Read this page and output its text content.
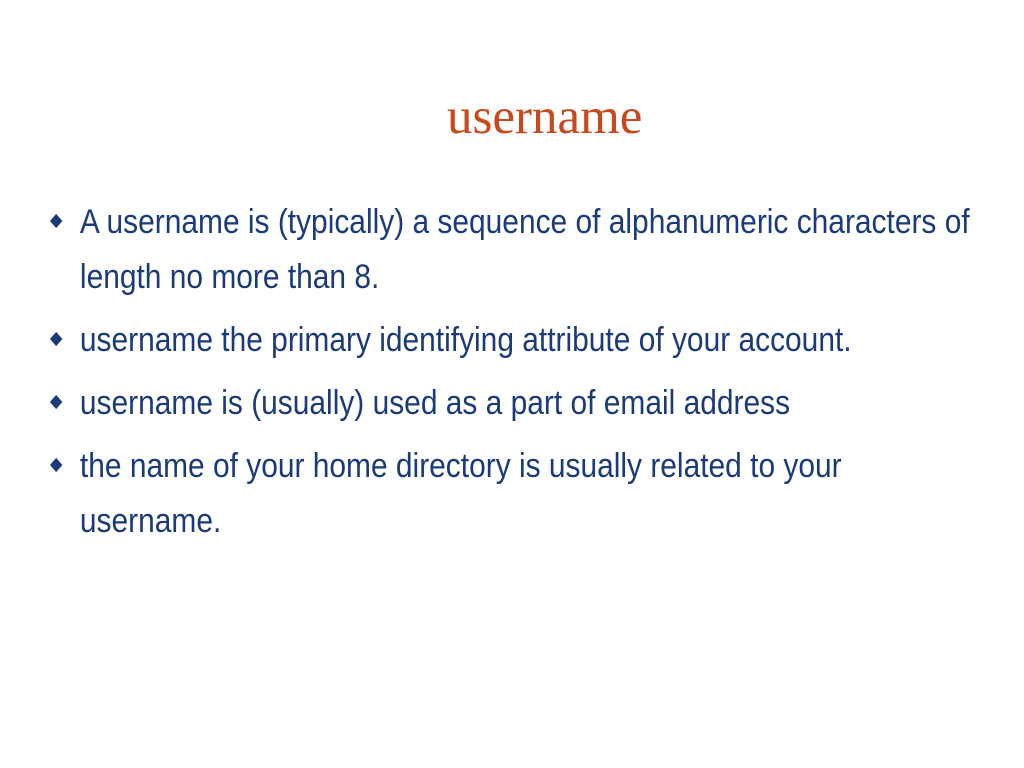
username
A username is (typically) a sequence of alphanumeric characters of length no more than 8.
username the primary identifying attribute of your account.
username is (usually) used as a part of email address
the name of your home directory is usually related to your username.
